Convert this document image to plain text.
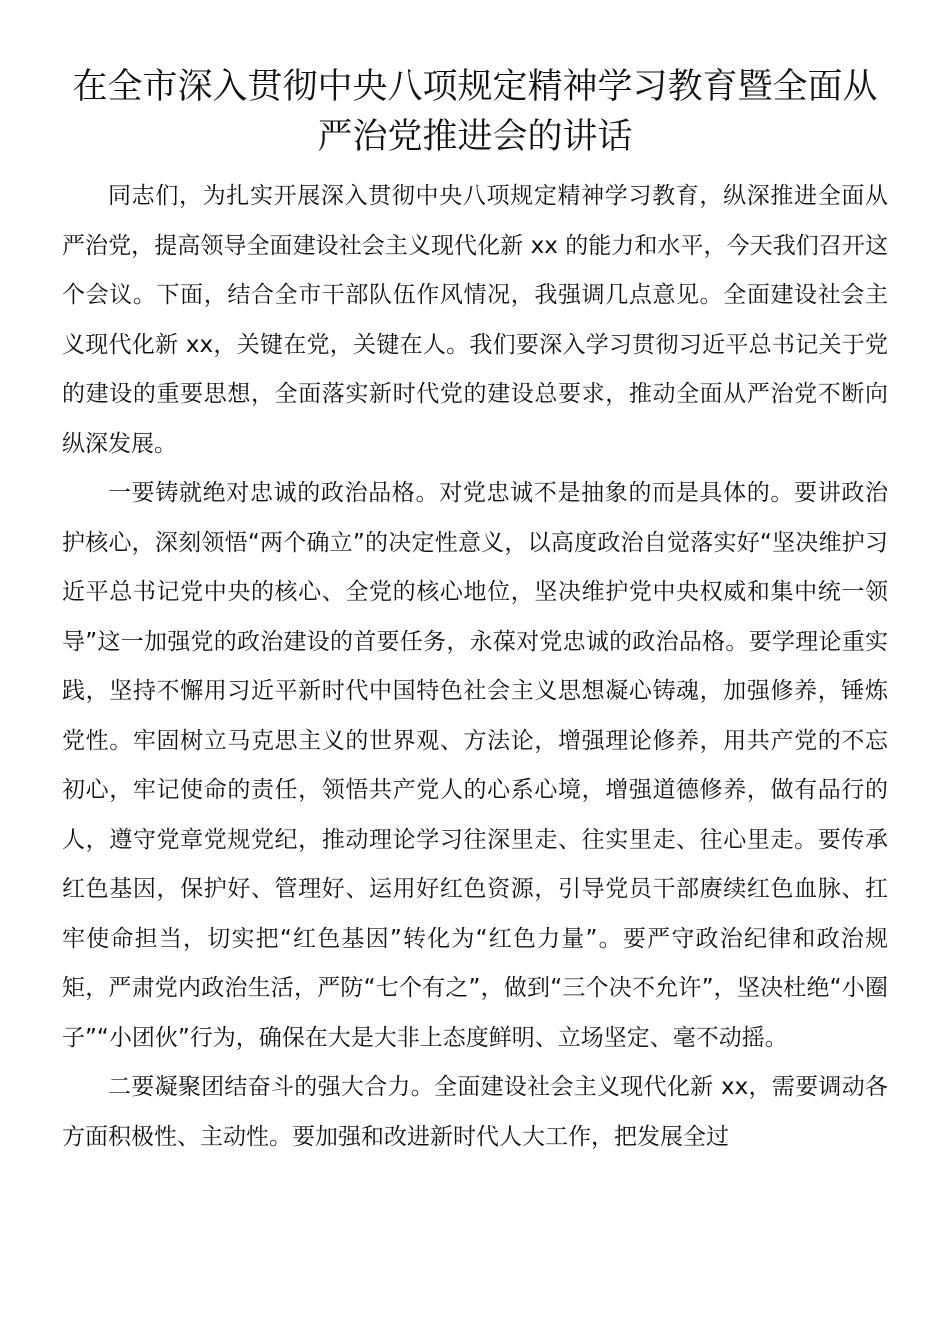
在全市深入贯彻中央八项规定精神学习教育暨全面从
严治党推进会的讲话

同志们，为扎实开展深入贯彻中央八项规定精神学习教育，纵深推进全面从严治党，提高领导全面建设社会主义现代化新 xx 的能力和水平，今天我们召开这个会议。下面，结合全市干部队伍作风情况，我强调几点意见。全面建设社会主义现代化新 xx，关键在党，关键在人。我们要深入学习贯彻习近平总书记关于党的建设的重要思想，全面落实新时代党的建设总要求，推动全面从严治党不断向纵深发展。

一要铸就绝对忠诚的政治品格。对党忠诚不是抽象的而是具体的。要讲政治护核心，深刻领悟“两个确立”的决定性意义，以高度政治自觉落实好“坚决维护习近平总书记党中央的核心、全党的核心地位，坚决维护党中央权威和集中统一领导”这一加强党的政治建设的首要任务，永葆对党忠诚的政治品格。要学理论重实践，坚持不懈用习近平新时代中国特色社会主义思想凝心铸魂，加强修养，锤炼党性。牢固树立马克思主义的世界观、方法论，增强理论修养，用共产党的不忘初心，牢记使命的责任，领悟共产党人的心系心境，增强道德修养，做有品行的人，遵守党章党规党纪，推动理论学习往深里走、往实里走、往心里走。要传承红色基因，保护好、管理好、运用好红色资源，引导党员干部赓续红色血脉、扛牢使命担当，切实把“红色基因”转化为“红色力量”。要严守政治纪律和政治规矩，严肃党内政治生活，严防“七个有之”，做到“三个决不允许”，坚决杜绝“小圈子”“小团伙”行为，确保在大是大非上态度鲜明、立场坚定、毫不动摇。

二要凝聚团结奋斗的强大合力。全面建设社会主义现代化新 xx，需要调动各方面积极性、主动性。要加强和改进新时代人大工作，把发展全过
